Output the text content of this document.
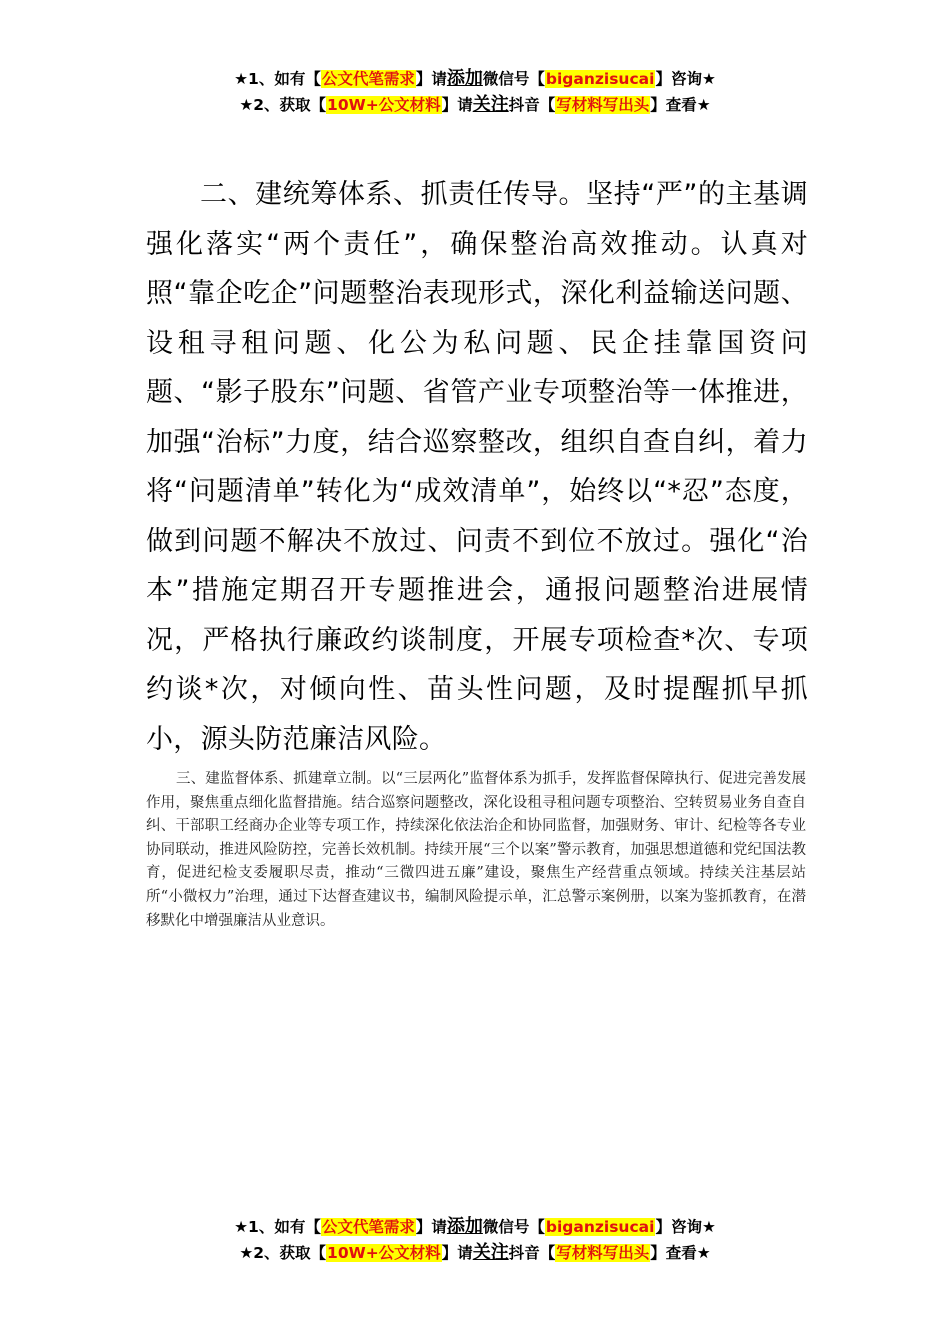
★1、如有【公文代笔需求】请添加微信号【biganzisucai】咨询★
★2、获取【10W+公文材料】请关注抖音【写材料写出头】查看★

二、建统筹体系、抓责任传导。坚持“严”的主基调强化落实“两个责任”，确保整治高效推动。认真对照“靠企吃企”问题整治表现形式，深化利益输送问题、设租寻租问题、化公为私问题、民企挂靠国资问题、“影子股东”问题、省管产业专项整治等一体推进，加强“治标”力度，结合巡察整改，组织自查自纠，着力将“问题清单”转化为“成效清单”，始终以“*忍”态度，做到问题不解决不放过、问责不到位不放过。强化“治本”措施定期召开专题推进会，通报问题整治进展情况，严格执行廉政约谈制度，开展专项检查*次、专项约谈*次，对倾向性、苗头性问题，及时提醒抓早抓小，源头防范廉洁风险。

三、建监督体系、抓建章立制。以“三层两化”监督体系为抓手，发挥监督保障执行、促进完善发展作用，聚焦重点细化监督措施。结合巡察问题整改，深化设租寻租问题专项整治、空转贸易业务自查自纠、干部职工经商办企业等专项工作，持续深化依法治企和协同监督，加强财务、审计、纪检等各专业协同联动，推进风险防控，完善长效机制。持续开展“三个以案”警示教育，加强思想道德和党纪国法教育，促进纪检支委履职尽责，推动“三微四进五廉”建设，聚焦生产经营重点领域。持续关注基层站所“小微权力”治理，通过下达督查建议书，编制风险提示单，汇总警示案例册，以案为鉴抓教育，在潜移默化中增强廉洁从业意识。

★1、如有【公文代笔需求】请添加微信号【biganzisucai】咨询★
★2、获取【10W+公文材料】请关注抖音【写材料写出头】查看★
